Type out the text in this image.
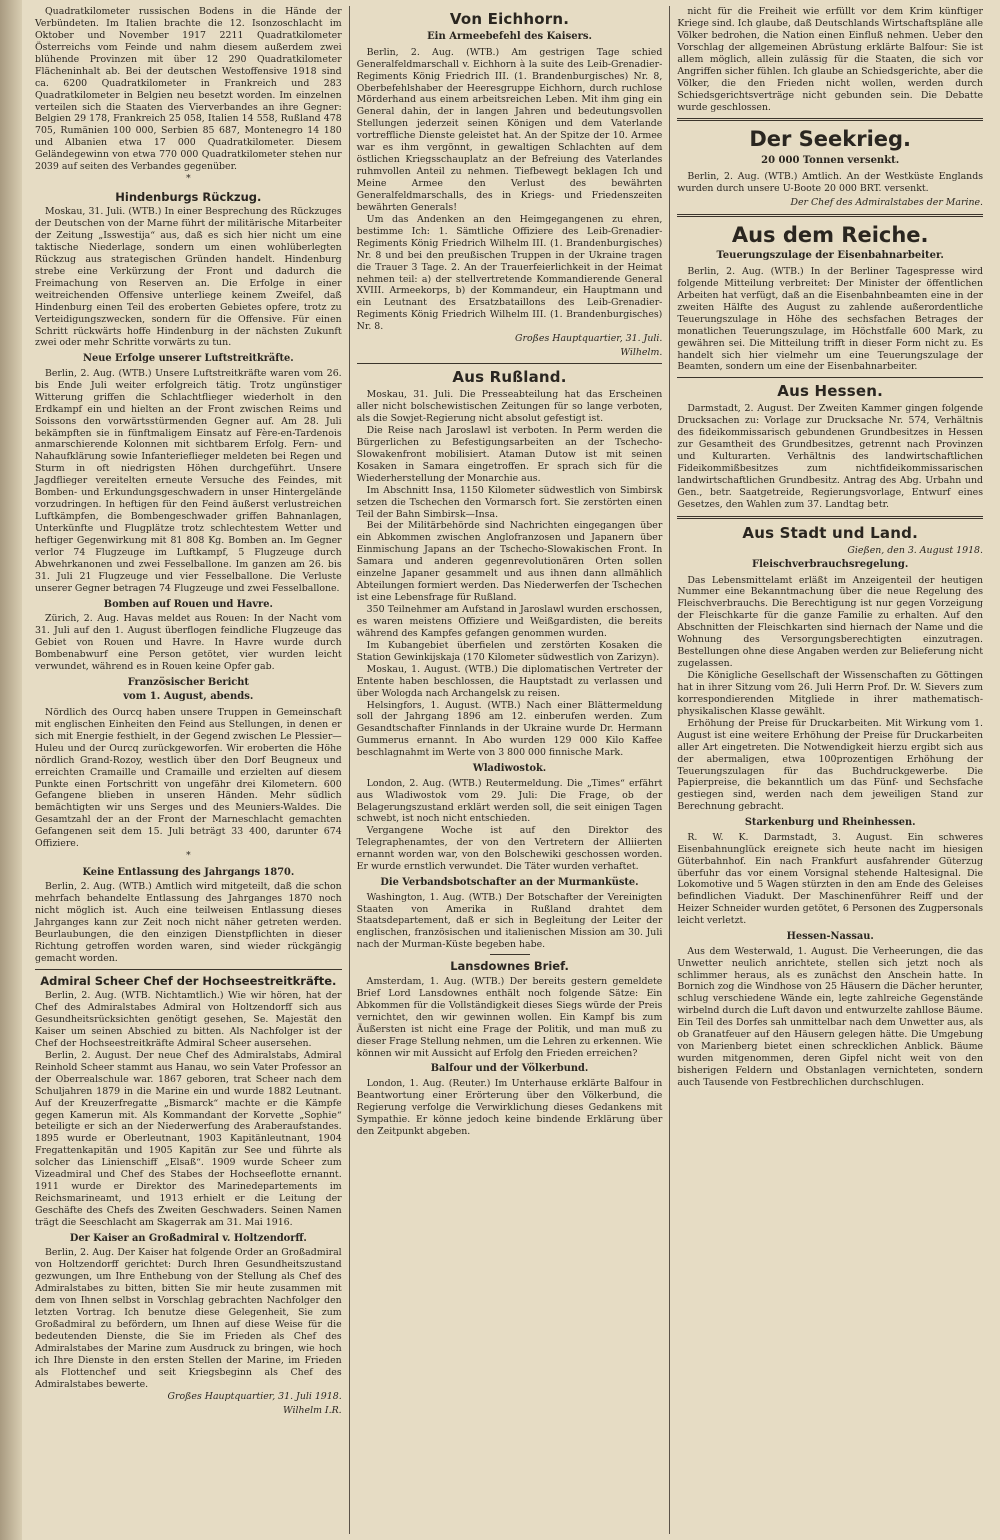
Quadratkilometer russischen Bodens in die Hände der Verbündeten. Im Italien brachte die 12. Isonzoschlacht im Oktober und November 1917 2211 Quadratkilometer Österreichs vom Feinde und nahm diesem außerdem zwei blühende Provinzen mit über 12 290 Quadratkilometer Flächeninhalt ab. Bei der deutschen Westoffensive 1918 sind ca. 6200 Quadratkilometer in Frankreich und 283 Quadratkilometer in Belgien neu besetzt worden. Im einzelnen verteilen sich die Staaten des Vierverbandes an ihre Gegner: Belgien 29 178, Frankreich 25 058, Italien 14 558, Rußland 478 705, Rumänien 100 000, Serbien 85 687, Montenegro 14 180 und Albanien etwa 17 000 Quadratkilometer. Diesem Geländegewinn von etwa 770 000 Quadratkilometer stehen nur 2039 auf seiten des Verbandes gegenüber.

*
Hindenburgs Rückzug.

Moskau, 31. Juli. (WTB.) In einer Besprechung des Rückzuges der Deutschen von der Marne führt der militärische Mitarbeiter der Zeitung „Isswestija“ aus, daß es sich hier nicht um eine taktische Niederlage, sondern um einen wohlüberlegten Rückzug aus strategischen Gründen handelt. Hindenburg strebe eine Verkürzung der Front und dadurch die Freimachung von Reserven an. Die Erfolge in einer weitreichenden Offensive unterliege keinem Zweifel, daß Hindenburg einen Teil des eroberten Gebietes opfere, trotz zu Verteidigungszwecken, sondern für die Offensive. Für einen Schritt rückwärts hoffe Hindenburg in der nächsten Zukunft zwei oder mehr Schritte vorwärts zu tun.

Neue Erfolge unserer Luftstreitkräfte.

Berlin, 2. Aug. (WTB.) Unsere Luftstreitkräfte waren vom 26. bis Ende Juli weiter erfolgreich tätig. Trotz ungünstiger Witterung griffen die Schlachtflieger wiederholt in den Erdkampf ein und hielten an der Front zwischen Reims und Soissons den vorwärtsstürmenden Gegner auf. Am 28. Juli bekämpften sie in fünftmaligem Einsatz auf Fère-en-Tardenois anmarschierende Kolonnen mit sichtbarem Erfolg. Fern- und Nahaufklärung sowie Infanterieflieger meldeten bei Regen und Sturm in oft niedrigsten Höhen durchgeführt. Unsere Jagdflieger vereitelten erneute Versuche des Feindes, mit Bomben- und Erkundungsgeschwadern in unser Hintergelände vorzudringen. In heftigen für den Feind äußerst verlustreichen Luftkämpfen, die Bombengeschwader griffen Bahnanlagen, Unterkünfte und Flugplätze trotz schlechtestem Wetter und heftiger Gegenwirkung mit 81 808 Kg. Bomben an. Im Gegner verlor 74 Flugzeuge im Luftkampf, 5 Flugzeuge durch Abwehrkanonen und zwei Fesselballone. Im ganzen am 26. bis 31. Juli 21 Flugzeuge und vier Fesselballone. Die Verluste unserer Gegner betragen 74 Flugzeuge und zwei Fesselballone.

Bomben auf Rouen und Havre.

Zürich, 2. Aug. Havas meldet aus Rouen: In der Nacht vom 31. Juli auf den 1. August überflogen feindliche Flugzeuge das Gebiet von Rouen und Havre. In Havre wurde durch Bombenabwurf eine Person getötet, vier wurden leicht verwundet, während es in Rouen keine Opfer gab.

Französischer Bericht
vom 1. August, abends.

Nördlich des Ourcq haben unsere Truppen in Gemeinschaft mit englischen Einheiten den Feind aus Stellungen, in denen er sich mit Energie festhielt, in der Gegend zwischen Le Plessier—Huleu und der Ourcq zurückgeworfen. Wir eroberten die Höhe nördlich Grand-Rozoy, westlich über den Dorf Beugneux und erreichten Cramaille und Cramaille und erzielten auf diesem Punkte einen Fortschritt von ungefähr drei Kilometern. 600 Gefangene blieben in unseren Händen. Mehr südlich bemächtigten wir uns Serges und des Meuniers-Waldes. Die Gesamtzahl der an der Front der Marneschlacht gemachten Gefangenen seit dem 15. Juli beträgt 33 400, darunter 674 Offiziere.

*
Keine Entlassung des Jahrgangs 1870.

Berlin, 2. Aug. (WTB.) Amtlich wird mitgeteilt, daß die schon mehrfach behandelte Entlassung des Jahrganges 1870 noch nicht möglich ist. Auch eine teilweisen Entlassung dieses Jahrganges kann zur Zeit noch nicht näher getreten werden. Beurlaubungen, die den einzigen Dienstpflichten in dieser Richtung getroffen worden waren, sind wieder rückgängig gemacht worden.

Admiral Scheer Chef der Hochseestreitkräfte.

Berlin, 2. Aug. (WTB. Nichtamtlich.) Wie wir hören, hat der Chef des Admiralstabes Admiral von Holtzendorff sich aus Gesundheitsrücksichten genötigt gesehen, Se. Majestät den Kaiser um seinen Abschied zu bitten. Als Nachfolger ist der Chef der Hochseestreitkräfte Admiral Scheer ausersehen.

Berlin, 2. August. Der neue Chef des Admiralstabs, Admiral Reinhold Scheer stammt aus Hanau, wo sein Vater Professor an der Oberrealschule war. 1867 geboren, trat Scheer nach dem Schuljahren 1879 in die Marine ein und wurde 1882 Leutnant. Auf der Kreuzerfregatte „Bismarck“ machte er die Kämpfe gegen Kamerun mit. Als Kommandant der Korvette „Sophie“ beteiligte er sich an der Niederwerfung des Araberaufstandes. 1895 wurde er Oberleutnant, 1903 Kapitänleutnant, 1904 Fregattenkapitän und 1905 Kapitän zur See und führte als solcher das Linienschiff „Elsaß“. 1909 wurde Scheer zum Vizeadmiral und Chef des Stabes der Hochseeflotte ernannt. 1911 wurde er Direktor des Marinedepartements im Reichsmarineamt, und 1913 erhielt er die Leitung der Geschäfte des Chefs des Zweiten Geschwaders. Seinen Namen trägt die Seeschlacht am Skagerrak am 31. Mai 1916.

Der Kaiser an Großadmiral v. Holtzendorff.

Berlin, 2. Aug. Der Kaiser hat folgende Order an Großadmiral von Holtzendorff gerichtet: Durch Ihren Gesundheitszustand gezwungen, um Ihre Enthebung von der Stellung als Chef des Admiralstabes zu bitten, bitten Sie mir heute zusammen mit dem von Ihnen selbst in Vorschlag gebrachten Nachfolger den letzten Vortrag. Ich benutze diese Gelegenheit, Sie zum Großadmiral zu befördern, um Ihnen auf diese Weise für die bedeutenden Dienste, die Sie im Frieden als Chef des Admiralstabes der Marine zum Ausdruck zu bringen, wie hoch ich Ihre Dienste in den ersten Stellen der Marine, im Frieden als Flottenchef und seit Kriegsbeginn als Chef des Admiralstabes bewerte.

Großes Hauptquartier, 31. Juli 1918.
Wilhelm I.R.
Von Eichhorn.
Ein Armeebefehl des Kaisers.

Berlin, 2. Aug. (WTB.) Am gestrigen Tage schied Generalfeldmarschall v. Eichhorn à la suite des Leib-Grenadier-Regiments König Friedrich III. (1. Brandenburgisches) Nr. 8, Oberbefehlshaber der Heeresgruppe Eichhorn, durch ruchlose Mörderhand aus einem arbeitsreichen Leben. Mit ihm ging ein General dahin, der in langen Jahren und bedeutungsvollen Stellungen jederzeit seinen Königen und dem Vaterlande vortreffliche Dienste geleistet hat. An der Spitze der 10. Armee war es ihm vergönnt, in gewaltigen Schlachten auf dem östlichen Kriegsschauplatz an der Befreiung des Vaterlandes ruhmvollen Anteil zu nehmen. Tiefbewegt beklagen Ich und Meine Armee den Verlust des bewährten Generalfeldmarschalls, des in Kriegs- und Friedenszeiten bewährten Generals!

Um das Andenken an den Heimgegangenen zu ehren, bestimme Ich: 1. Sämtliche Offiziere des Leib-Grenadier-Regiments König Friedrich Wilhelm III. (1. Brandenburgisches) Nr. 8 und bei den preußischen Truppen in der Ukraine tragen die Trauer 3 Tage. 2. An der Trauerfeierlichkeit in der Heimat nehmen teil: a) der stellvertretende Kommandierende General XVIII. Armeekorps, b) der Kommandeur, ein Hauptmann und ein Leutnant des Ersatzbataillons des Leib-Grenadier-Regiments König Friedrich Wilhelm III. (1. Brandenburgisches) Nr. 8.

Großes Hauptquartier, 31. Juli.
Wilhelm.
Aus Rußland.

Moskau, 31. Juli. Die Presseabteilung hat das Erscheinen aller nicht bolschewistischen Zeitungen für so lange verboten, als die Sowjet-Regierung nicht absolut gefestigt ist.

Die Reise nach Jaroslawl ist verboten. In Perm werden die Bürgerlichen zu Befestigungsarbeiten an der Tschecho-Slowakenfront mobilisiert. Ataman Dutow ist mit seinen Kosaken in Samara eingetroffen. Er sprach sich für die Wiederherstellung der Monarchie aus.

Im Abschnitt Insa, 1150 Kilometer südwestlich von Simbirsk setzen die Tschechen den Vormarsch fort. Sie zerstörten einen Teil der Bahn Simbirsk—Insa.

Bei der Militärbehörde sind Nachrichten eingegangen über ein Abkommen zwischen Anglofranzosen und Japanern über Einmischung Japans an der Tschecho-Slowakischen Front. In Samara und anderen gegenrevolutionären Orten sollen einzelne Japaner gesammelt und aus ihnen dann allmählich Abteilungen formiert werden. Das Niederwerfen der Tschechen ist eine Lebensfrage für Rußland.

350 Teilnehmer am Aufstand in Jaroslawl wurden erschossen, es waren meistens Offiziere und Weißgardisten, die bereits während des Kampfes gefangen genommen wurden.

Im Kubangebiet überfielen und zerstörten Kosaken die Station Gewinkijskaja (170 Kilometer südwestlich von Zarizyn).

Moskau, 1. August. (WTB.) Die diplomatischen Vertreter der Entente haben beschlossen, die Hauptstadt zu verlassen und über Wologda nach Archangelsk zu reisen.

Helsingfors, 1. August. (WTB.) Nach einer Blättermeldung soll der Jahrgang 1896 am 12. einberufen werden. Zum Gesandtschafter Finnlands in der Ukraine wurde Dr. Hermann Gummerus ernannt. In Abo wurden 129 000 Kilo Kaffee beschlagnahmt im Werte von 3 800 000 finnische Mark.

Wladiwostok.

London, 2. Aug. (WTB.) Reutermeldung. Die „Times“ erfährt aus Wladiwostok vom 29. Juli: Die Frage, ob der Belagerungszustand erklärt werden soll, die seit einigen Tagen schwebt, ist noch nicht entschieden.

Vergangene Woche ist auf den Direktor des Telegraphenamtes, der von den Vertretern der Alliierten ernannt worden war, von den Bolschewiki geschossen worden. Er wurde ernstlich verwundet. Die Täter wurden verhaftet.

Die Verbandsbotschafter an der Murmanküste.

Washington, 1. Aug. (WTB.) Der Botschafter der Vereinigten Staaten von Amerika in Rußland drahtet dem Staatsdepartement, daß er sich in Begleitung der Leiter der englischen, französischen und italienischen Mission am 30. Juli nach der Murman-Küste begeben habe.

Lansdownes Brief.

Amsterdam, 1. Aug. (WTB.) Der bereits gestern gemeldete Brief Lord Lansdownes enthält noch folgende Sätze: Ein Abkommen für die Vollständigkeit dieses Siegs würde der Preis vernichtet, den wir gewinnen wollen. Ein Kampf bis zum Äußersten ist nicht eine Frage der Politik, und man muß zu dieser Frage Stellung nehmen, um die Lehren zu erkennen. Wie können wir mit Aussicht auf Erfolg den Frieden erreichen?

Balfour und der Völkerbund.

London, 1. Aug. (Reuter.) Im Unterhause erklärte Balfour in Beantwortung einer Erörterung über den Völkerbund, die Regierung verfolge die Verwirklichung dieses Gedankens mit Sympathie. Er könne jedoch keine bindende Erklärung über den Zeitpunkt abgeben.

nicht für die Freiheit wie erfüllt vor dem Krim künftiger Kriege sind. Ich glaube, daß Deutschlands Wirtschaftspläne alle Völker bedrohen, die Nation einen Einfluß nehmen. Ueber den Vorschlag der allgemeinen Abrüstung erklärte Balfour: Sie ist allem möglich, allein zulässig für die Staaten, die sich vor Angriffen sicher fühlen. Ich glaube an Schiedsgerichte, aber die Völker, die den Frieden nicht wollen, werden durch Schiedsgerichtsverträge nicht gebunden sein. Die Debatte wurde geschlossen.

Der Seekrieg.
20 000 Tonnen versenkt.

Berlin, 2. Aug. (WTB.) Amtlich. An der Westküste Englands wurden durch unsere U-Boote 20 000 BRT. versenkt.

Der Chef des Admiralstabes der Marine.
Aus dem Reiche.
Teuerungszulage der Eisenbahnarbeiter.

Berlin, 2. Aug. (WTB.) In der Berliner Tagespresse wird folgende Mitteilung verbreitet: Der Minister der öffentlichen Arbeiten hat verfügt, daß an die Eisenbahnbeamten eine in der zweiten Hälfte des August zu zahlende außerordentliche Teuerungszulage in Höhe des sechsfachen Betrages der monatlichen Teuerungszulage, im Höchstfalle 600 Mark, zu gewähren sei. Die Mitteilung trifft in dieser Form nicht zu. Es handelt sich hier vielmehr um eine Teuerungszulage der Beamten, sondern um eine der Eisenbahnarbeiter.

Aus Hessen.

Darmstadt, 2. August. Der Zweiten Kammer gingen folgende Drucksachen zu: Vorlage zur Drucksache Nr. 574, Verhältnis des fideikommissarisch gebundenen Grundbesitzes in Hessen zur Gesamtheit des Grundbesitzes, getrennt nach Provinzen und Kulturarten. Verhältnis des landwirtschaftlichen Fideikommißbesitzes zum nichtfideikommissarischen landwirtschaftlichen Grundbesitz. Antrag des Abg. Urbahn und Gen., betr. Saatgetreide, Regierungsvorlage, Entwurf eines Gesetzes, den Wahlen zum 37. Landtag betr.

Aus Stadt und Land.
Gießen, den 3. August 1918.
Fleischverbrauchsregelung.

Das Lebensmittelamt erläßt im Anzeigenteil der heutigen Nummer eine Bekanntmachung über die neue Regelung des Fleischverbrauchs. Die Berechtigung ist nur gegen Vorzeigung der Fleischkarte für die ganze Familie zu erhalten. Auf den Abschnitten der Fleischkarten sind hiernach der Name und die Wohnung des Versorgungsberechtigten einzutragen. Bestellungen ohne diese Angaben werden zur Belieferung nicht zugelassen.

Die Königliche Gesellschaft der Wissenschaften zu Göttingen hat in ihrer Sitzung vom 26. Juli Herrn Prof. Dr. W. Sievers zum korrespondierenden Mitgliede in ihrer mathematisch-physikalischen Klasse gewählt.

Erhöhung der Preise für Druckarbeiten. Mit Wirkung vom 1. August ist eine weitere Erhöhung der Preise für Druckarbeiten aller Art eingetreten. Die Notwendigkeit hierzu ergibt sich aus der abermaligen, etwa 100prozentigen Erhöhung der Teuerungszulagen für das Buchdruckgewerbe. Die Papierpreise, die bekanntlich um das Fünf- und Sechsfache gestiegen sind, werden nach dem jeweiligen Stand zur Berechnung gebracht.

Starkenburg und Rheinhessen.

R. W. K. Darmstadt, 3. August. Ein schweres Eisenbahnunglück ereignete sich heute nacht im hiesigen Güterbahnhof. Ein nach Frankfurt ausfahrender Güterzug überfuhr das vor einem Vorsignal stehende Haltesignal. Die Lokomotive und 5 Wagen stürzten in den am Ende des Geleises befindlichen Viadukt. Der Maschinenführer Reiff und der Heizer Schneider wurden getötet, 6 Personen des Zugpersonals leicht verletzt.

Hessen-Nassau.

Aus dem Westerwald, 1. August. Die Verheerungen, die das Unwetter neulich anrichtete, stellen sich jetzt noch als schlimmer heraus, als es zunächst den Anschein hatte. In Bornich zog die Windhose von 25 Häusern die Dächer herunter, schlug verschiedene Wände ein, legte zahlreiche Gegenstände wirbelnd durch die Luft davon und entwurzelte zahllose Bäume. Ein Teil des Dorfes sah unmittelbar nach dem Unwetter aus, als ob Granatfeuer auf den Häusern gelegen hätte. Die Umgebung von Marienberg bietet einen schrecklichen Anblick. Bäume wurden mitgenommen, deren Gipfel nicht weit von den bisherigen Feldern und Obstanlagen vernichteten, sondern auch Tausende von Festbrechlichen durchschlugen.
